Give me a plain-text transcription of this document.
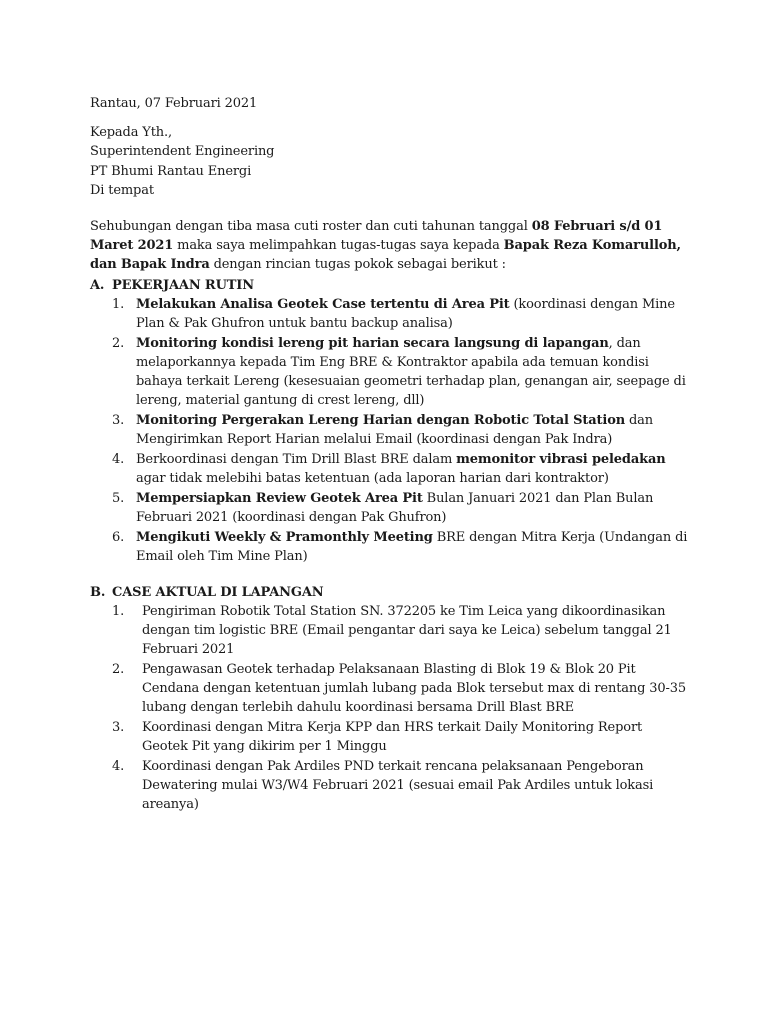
Rantau, 07 Februari 2021
Kepada Yth.,
Superintendent Engineering
PT Bhumi Rantau Energi
Di tempat

Sehubungan dengan tiba masa cuti roster dan cuti tahunan tanggal 08 Februari s/d 01 Maret 2021 maka saya melimpahkan tugas-tugas saya kepada Bapak Reza Komarulloh, dan Bapak Indra dengan rincian tugas pokok sebagai berikut :

A. PEKERJAAN RUTIN
1. Melakukan Analisa Geotek Case tertentu di Area Pit (koordinasi dengan Mine Plan & Pak Ghufron untuk bantu backup analisa)
2. Monitoring kondisi lereng pit harian secara langsung di lapangan, dan melaporkannya kepada Tim Eng BRE & Kontraktor apabila ada temuan kondisi bahaya terkait Lereng (kesesuaian geometri terhadap plan, genangan air, seepage di lereng, material gantung di crest lereng, dll)
3. Monitoring Pergerakan Lereng Harian dengan Robotic Total Station dan Mengirimkan Report Harian melalui Email (koordinasi dengan Pak Indra)
4. Berkoordinasi dengan Tim Drill Blast BRE dalam memonitor vibrasi peledakan agar tidak melebihi batas ketentuan (ada laporan harian dari kontraktor)
5. Mempersiapkan Review Geotek Area Pit Bulan Januari 2021 dan Plan Bulan Februari 2021 (koordinasi dengan Pak Ghufron)
6. Mengikuti Weekly & Pramonthly Meeting BRE dengan Mitra Kerja (Undangan di Email oleh Tim Mine Plan)
B. CASE AKTUAL DI LAPANGAN
1. Pengiriman Robotik Total Station SN. 372205 ke Tim Leica yang dikoordinasikan dengan tim logistic BRE (Email pengantar dari saya ke Leica) sebelum tanggal 21 Februari 2021
2. Pengawasan Geotek terhadap Pelaksanaan Blasting di Blok 19 & Blok 20 Pit Cendana dengan ketentuan jumlah lubang pada Blok tersebut max di rentang 30-35 lubang dengan terlebih dahulu koordinasi bersama Drill Blast BRE
3. Koordinasi dengan Mitra Kerja KPP dan HRS terkait Daily Monitoring Report Geotek Pit yang dikirim per 1 Minggu
4. Koordinasi dengan Pak Ardiles PND terkait rencana pelaksanaan Pengeboran Dewatering mulai W3/W4 Februari 2021 (sesuai email Pak Ardiles untuk lokasi areanya)
